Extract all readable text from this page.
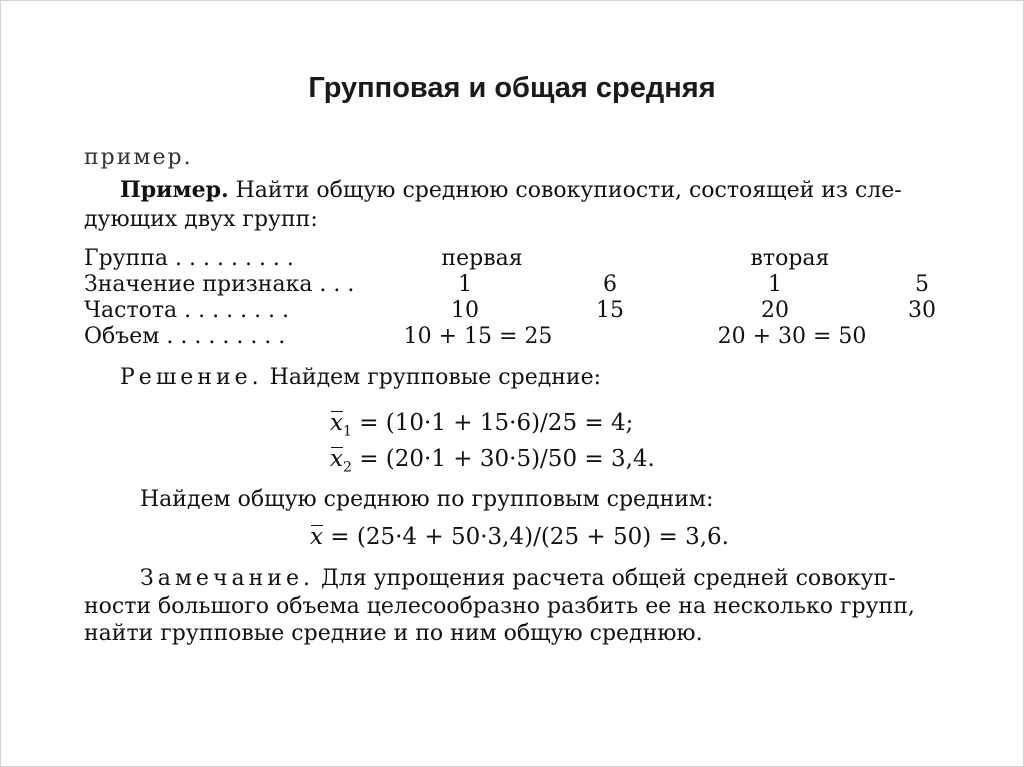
Групповая и общая средняя
пример.
Пример. Найти общую среднюю совокупиости, состоящей из сле-
дующих двух групп:
Группа . . . . . . . . .	первая	вторая
Значение признака . . .	1	6	1	5
Частота . . . . . . . .	10	15	20	30
Объем . . . . . . . . .	10 + 15 = 25	20 + 30 = 50
Решение. Найдем групповые средние:
$x_1 = (10\cdot 1 + 15\cdot 6)/25 = 4$;
$x_2 = (20\cdot 1 + 30\cdot 5)/50 = 3,4$.
Найдем общую среднюю по групповым средним:
x = (25·4 + 50·3,4)/(25 + 50) = 3,6.
Замечание. Для упрощения расчета общей средней совокуп-
ности большого объема целесообразно разбить ее на несколько групп,
найти групповые средние и по ним общую среднюю.
